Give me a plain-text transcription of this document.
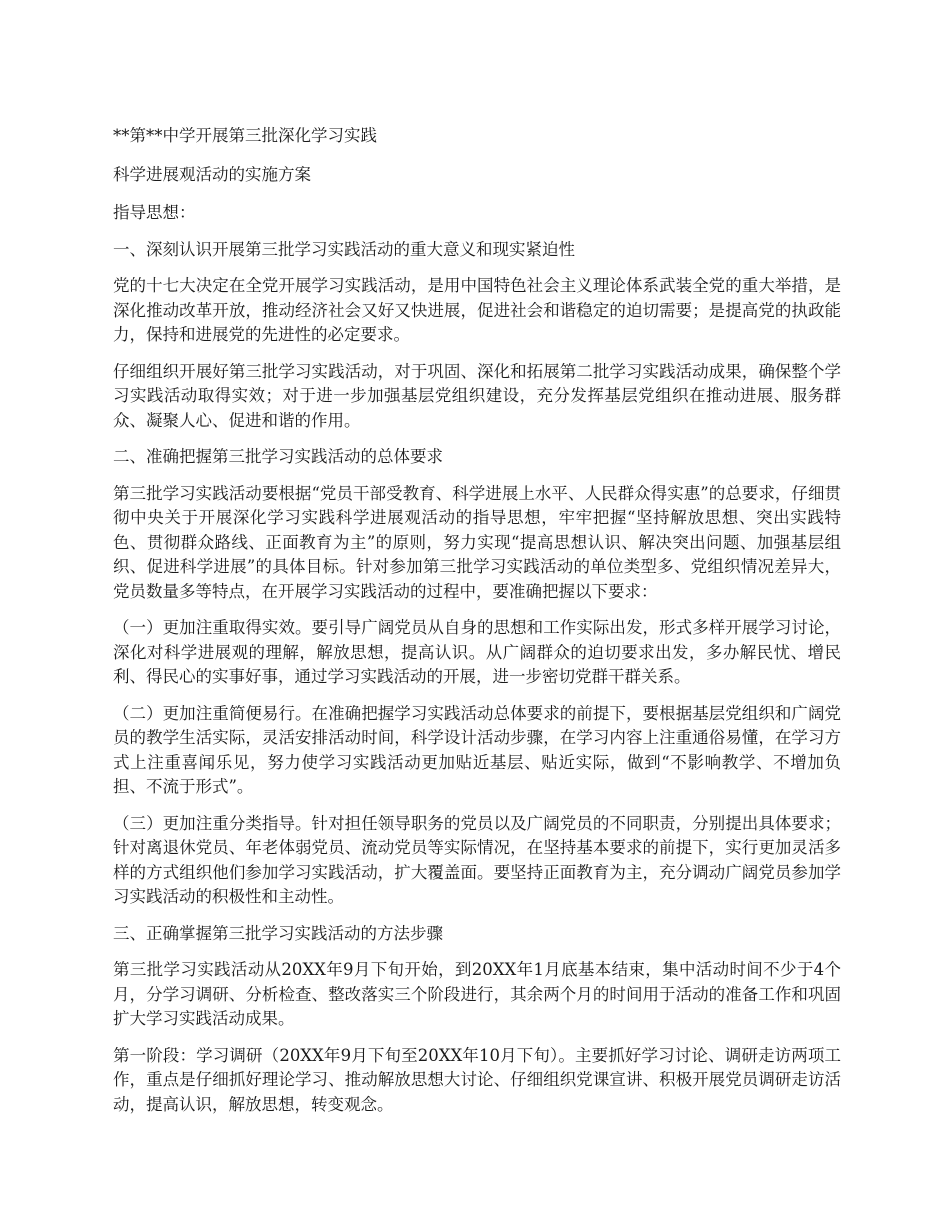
**第**中学开展第三批深化学习实践

科学进展观活动的实施方案

指导思想：

一、深刻认识开展第三批学习实践活动的重大意义和现实紧迫性

党的十七大决定在全党开展学习实践活动，是用中国特色社会主义理论体系武装全党的重大举措，是深化推动改革开放，推动经济社会又好又快进展，促进社会和谐稳定的迫切需要；是提高党的执政能力，保持和进展党的先进性的必定要求。

仔细组织开展好第三批学习实践活动，对于巩固、深化和拓展第二批学习实践活动成果，确保整个学习实践活动取得实效；对于进一步加强基层党组织建设，充分发挥基层党组织在推动进展、服务群众、凝聚人心、促进和谐的作用。

二、准确把握第三批学习实践活动的总体要求

第三批学习实践活动要根据“党员干部受教育、科学进展上水平、人民群众得实惠”的总要求，仔细贯彻中央关于开展深化学习实践科学进展观活动的指导思想，牢牢把握“坚持解放思想、突出实践特色、贯彻群众路线、正面教育为主”的原则，努力实现“提高思想认识、解决突出问题、加强基层组织、促进科学进展”的具体目标。针对参加第三批学习实践活动的单位类型多、党组织情况差异大，党员数量多等特点，在开展学习实践活动的过程中，要准确把握以下要求：

（一）更加注重取得实效。要引导广阔党员从自身的思想和工作实际出发，形式多样开展学习讨论，深化对科学进展观的理解，解放思想，提高认识。从广阔群众的迫切要求出发，多办解民忧、增民利、得民心的实事好事，通过学习实践活动的开展，进一步密切党群干群关系。

（二）更加注重简便易行。在准确把握学习实践活动总体要求的前提下，要根据基层党组织和广阔党员的教学生活实际，灵活安排活动时间，科学设计活动步骤，在学习内容上注重通俗易懂，在学习方式上注重喜闻乐见，努力使学习实践活动更加贴近基层、贴近实际，做到“不影响教学、不增加负担、不流于形式”。

（三）更加注重分类指导。针对担任领导职务的党员以及广阔党员的不同职责，分别提出具体要求；针对离退休党员、年老体弱党员、流动党员等实际情况，在坚持基本要求的前提下，实行更加灵活多样的方式组织他们参加学习实践活动，扩大覆盖面。要坚持正面教育为主，充分调动广阔党员参加学习实践活动的积极性和主动性。

三、正确掌握第三批学习实践活动的方法步骤

第三批学习实践活动从20XX年9月下旬开始，到20XX年1月底基本结束，集中活动时间不少于4个月，分学习调研、分析检查、整改落实三个阶段进行，其余两个月的时间用于活动的准备工作和巩固扩大学习实践活动成果。

第一阶段：学习调研（20XX年9月下旬至20XX年10月下旬）。主要抓好学习讨论、调研走访两项工作，重点是仔细抓好理论学习、推动解放思想大讨论、仔细组织党课宣讲、积极开展党员调研走访活动，提高认识，解放思想，转变观念。
